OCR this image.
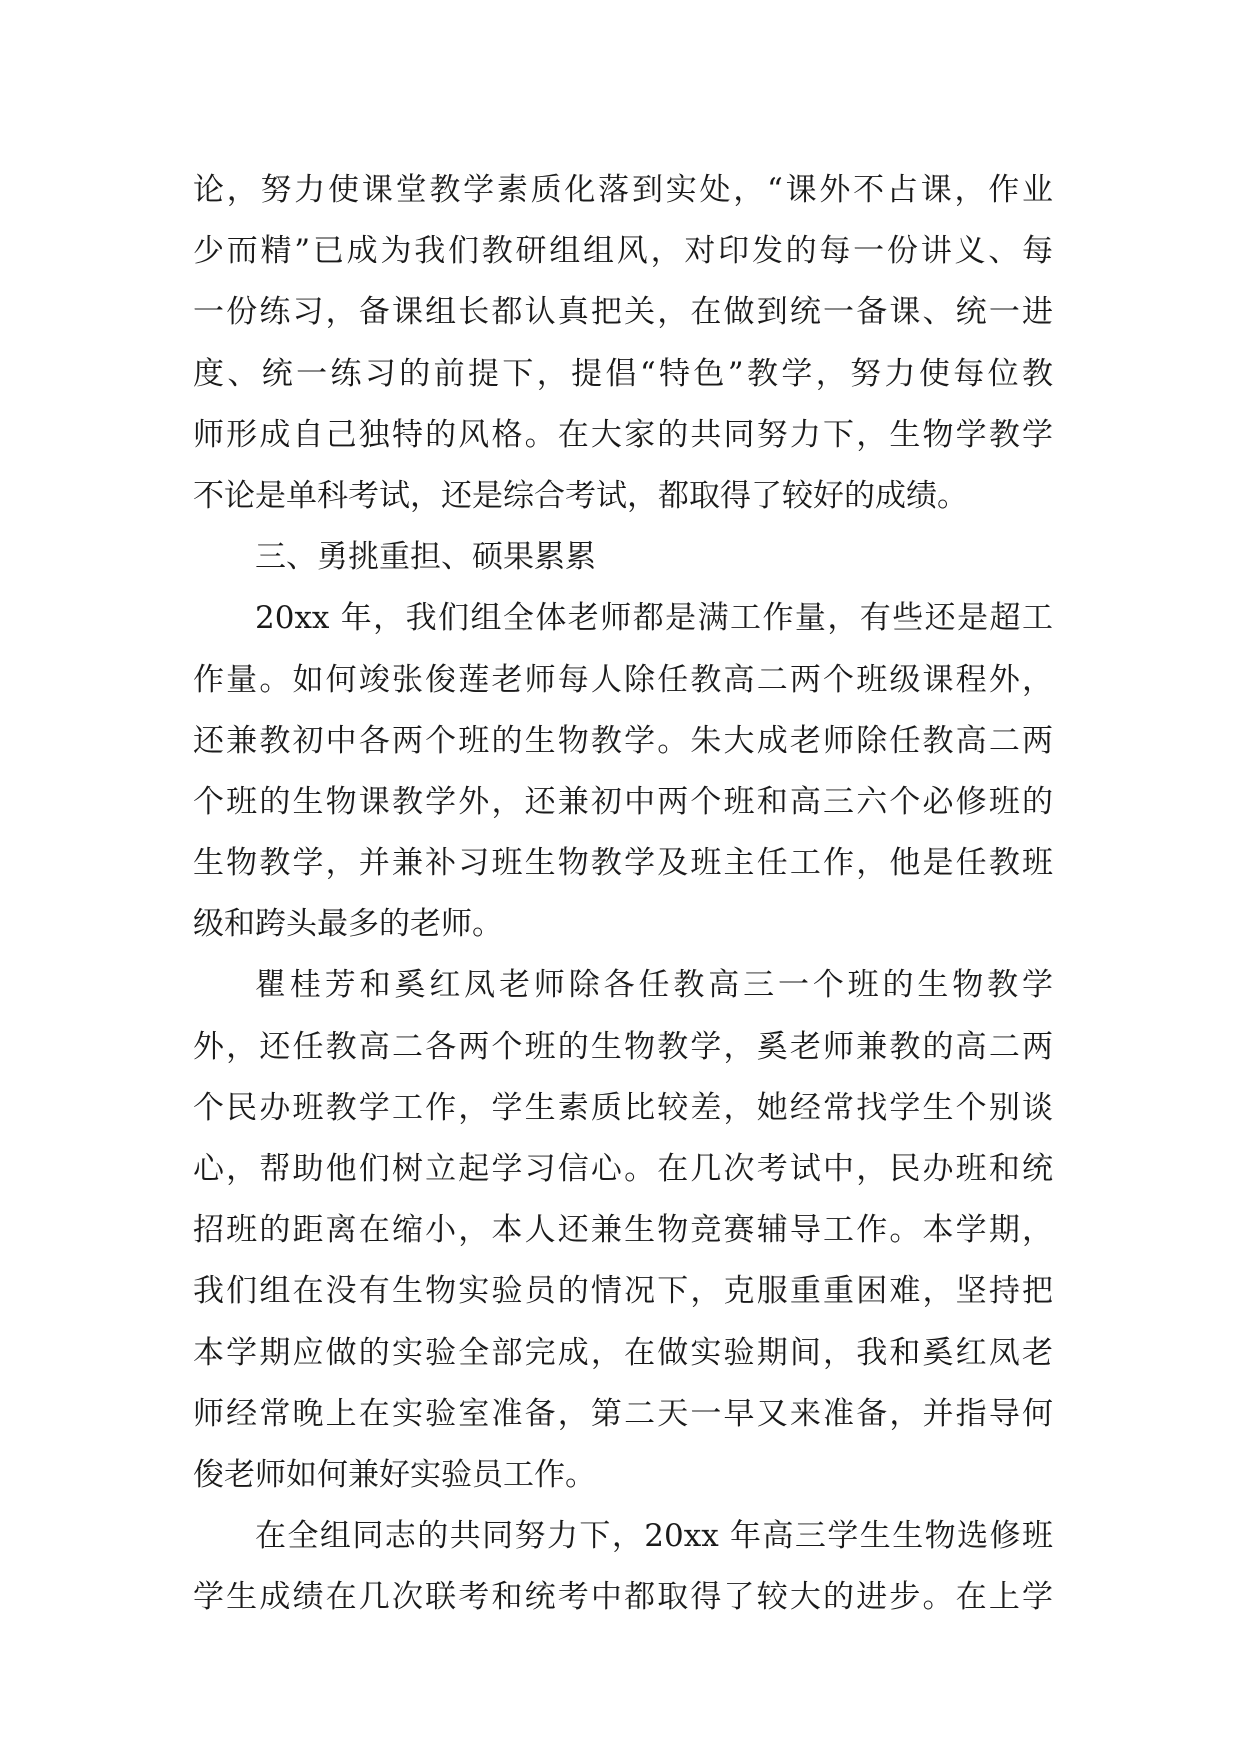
论，努力使课堂教学素质化落到实处，“课外不占课，作业
少而精”已成为我们教研组组风，对印发的每一份讲义、每
一份练习，备课组长都认真把关，在做到统一备课、统一进
度、统一练习的前提下，提倡“特色”教学，努力使每位教
师形成自己独特的风格。在大家的共同努力下，生物学教学
不论是单科考试，还是综合考试，都取得了较好的成绩。
三、勇挑重担、硕果累累
20xx 年，我们组全体老师都是满工作量，有些还是超工
作量。如何竣张俊莲老师每人除任教高二两个班级课程外，
还兼教初中各两个班的生物教学。朱大成老师除任教高二两
个班的生物课教学外，还兼初中两个班和高三六个必修班的
生物教学，并兼补习班生物教学及班主任工作，他是任教班
级和跨头最多的老师。
瞿桂芳和奚红凤老师除各任教高三一个班的生物教学
外，还任教高二各两个班的生物教学，奚老师兼教的高二两
个民办班教学工作，学生素质比较差，她经常找学生个别谈
心，帮助他们树立起学习信心。在几次考试中，民办班和统
招班的距离在缩小，本人还兼生物竞赛辅导工作。本学期，
我们组在没有生物实验员的情况下，克服重重困难，坚持把
本学期应做的实验全部完成，在做实验期间，我和奚红凤老
师经常晚上在实验室准备，第二天一早又来准备，并指导何
俊老师如何兼好实验员工作。
在全组同志的共同努力下，20xx 年高三学生生物选修班
学生成绩在几次联考和统考中都取得了较大的进步。在上学
